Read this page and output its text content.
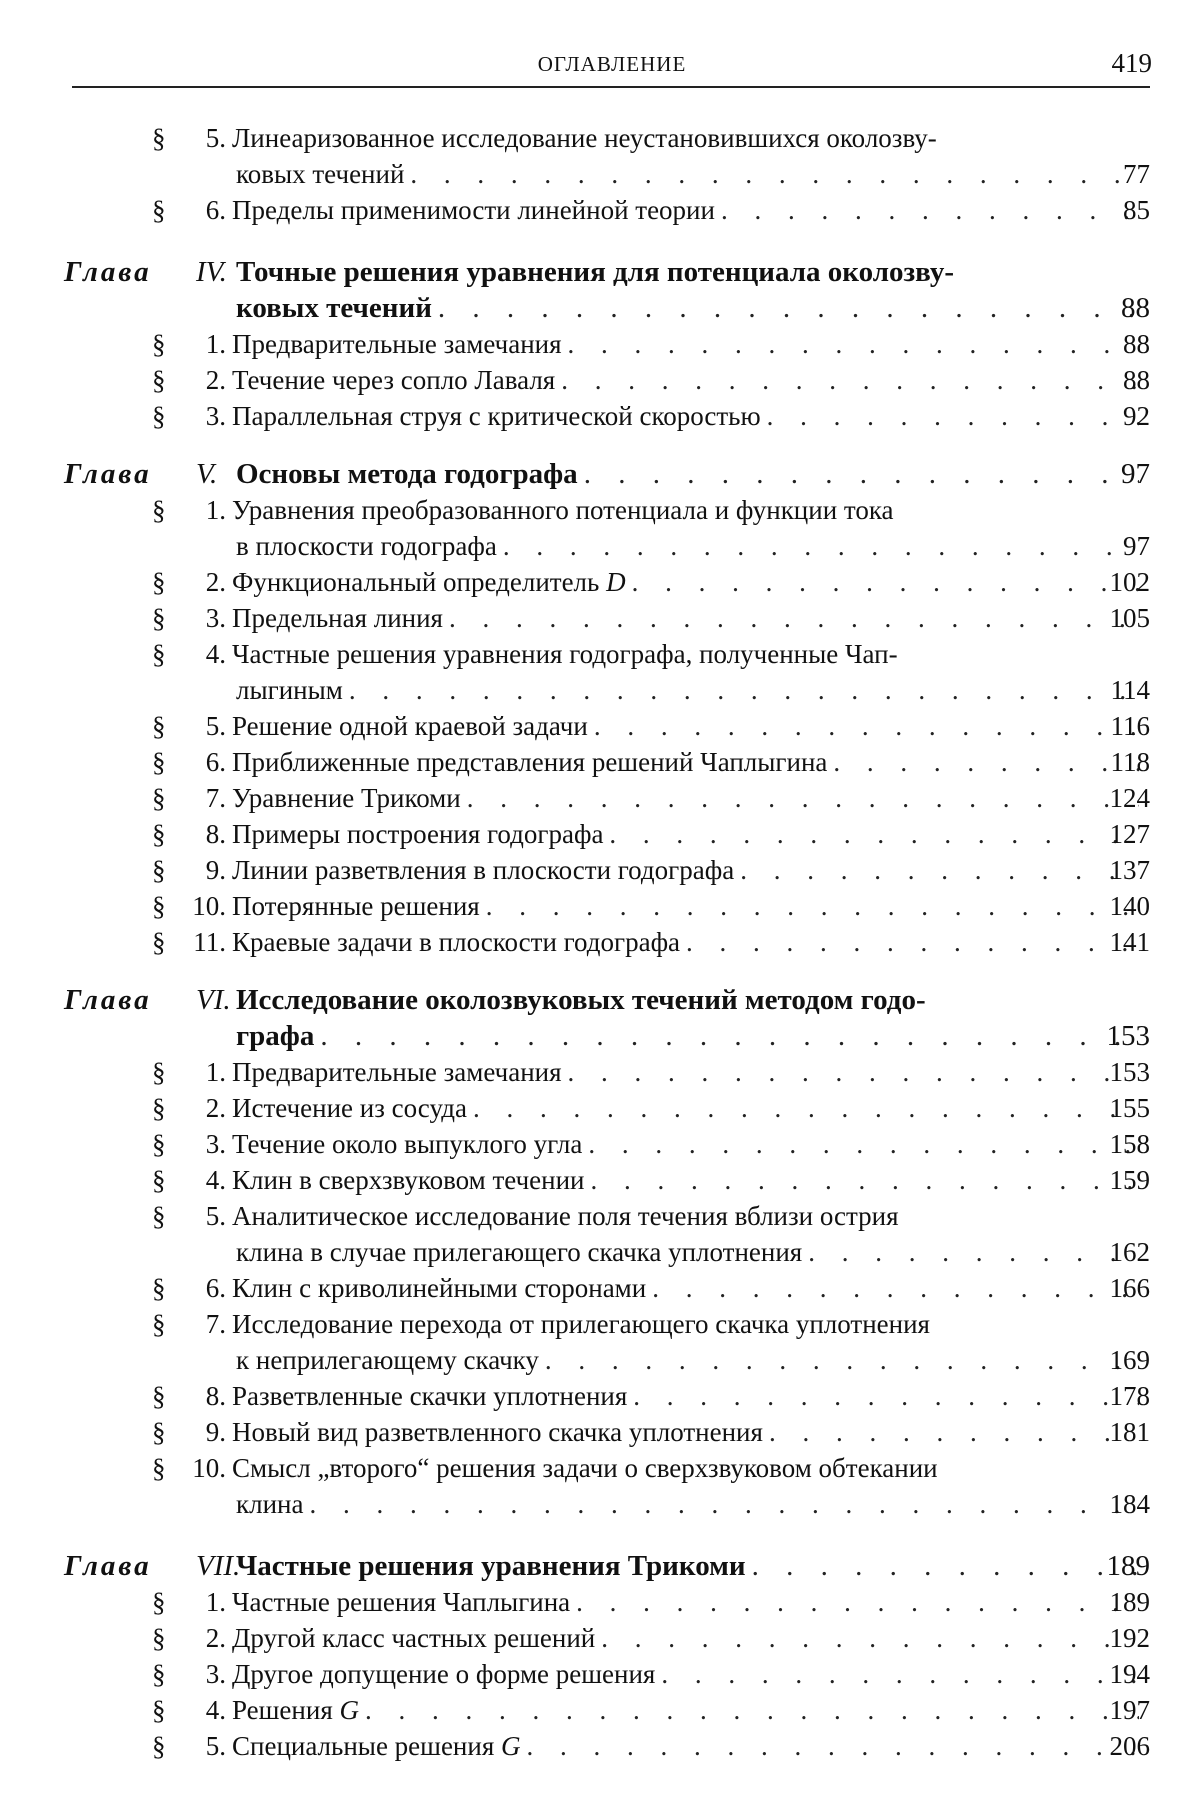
ОГЛАВЛЕНИЕ	419
§	5. Линеаризованное исследование неустановившихся околозву-
ковых течений . . .	77
§	6. Пределы применимости линейной теории . . .	85
Глава IV. Точные решения уравнения для потенциала околозву-
ковых течений . . .	88
§	1. Предварительные замечания . . .	88
§	2. Течение через сопло Лаваля . . .	88
§	3. Параллельная струя с критической скоростью . . .	92
Глава V. Основы метода годографа . . .	97
§	1. Уравнения преобразованного потенциала и функции тока
в плоскости годографа . . .	97
§	2. Функциональный определитель D . . .	102
§	3. Предельная линия . . .	105
§	4. Частные решения уравнения годографа, полученные Чап-
лыгиным . . .	114
§	5. Решение одной краевой задачи . . .	116
§	6. Приближенные представления решений Чаплыгина . . .	118
§	7. Уравнение Трикоми . . .	124
§	8. Примеры построения годографа . . .	127
§	9. Линии разветвления в плоскости годографа . . .	137
§ 10. Потерянные решения . . .	140
§ 11. Краевые задачи в плоскости годографа . . .	141
Глава VI. Исследование околозвуковых течений методом годо-
графа . . .	153
§	1. Предварительные замечания . . .	153
§	2. Истечение из сосуда . . .	155
§	3. Течение около выпуклого угла . . .	158
§	4. Клин в сверхзвуковом течении . . .	159
§	5. Аналитическое исследование поля течения вблизи острия
клина в случае прилегающего скачка уплотнения . . .	162
§	6. Клин с криволинейными сторонами . . .	166
§	7. Исследование перехода от прилегающего скачка уплотнения
к неприлегающему скачку . . .	169
§	8. Разветвленные скачки уплотнения . . .	178
§	9. Новый вид разветвленного скачка уплотнения . . .	181
§ 10. Смысл „второго“ решения задачи о сверхзвуковом обтекании
клина . . .	184
Глава VII.
Частные решения уравнения Трикоми . . .	189
§	1. Частные решения Чаплыгина . . .	189
§	2. Другой класс частных решений . . .	192
§	3. Другое допущение о форме решения . . .	194
§	4. Решения G . . .	197
§	5. Специальные решения G . . .	206
